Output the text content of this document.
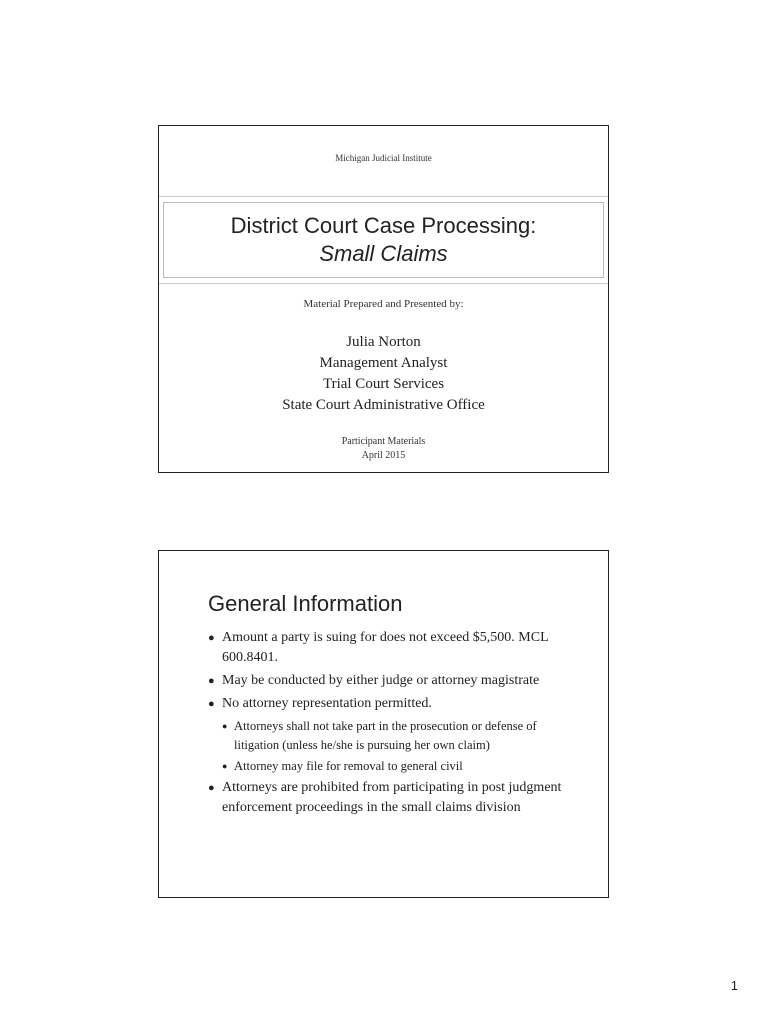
Michigan Judicial Institute
District Court Case Processing:
Small Claims
Material Prepared and Presented by:
Julia Norton
Management Analyst
Trial Court Services
State Court Administrative Office
Participant Materials
April 2015
General Information
● Amount a party is suing for does not exceed $5,500. MCL 600.8401.
● May be conducted by either judge or attorney magistrate
● No attorney representation permitted.
● Attorneys shall not take part in the prosecution or defense of litigation (unless he/she is pursuing her own claim)
● Attorney may file for removal to general civil
● Attorneys are prohibited from participating in post judgment enforcement proceedings in the small claims division
1
